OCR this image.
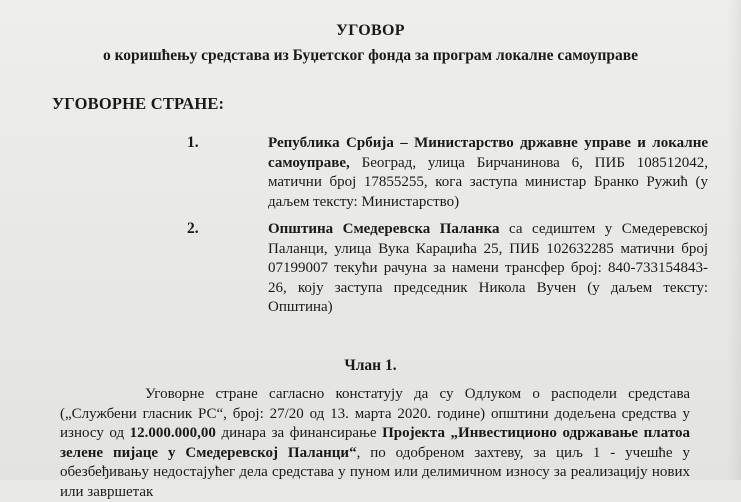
УГОВОР
о коришћењу средстава из Буџетског фонда за програм локалне самоуправе
УГОВОРНЕ СТРАНЕ:
1.	Република Србија – Министарство државне управе и локалне самоуправе, Београд, улица Бирчанинова 6, ПИБ 108512042, матични број 17855255, кога заступа министар Бранко Ружић (у даљем тексту: Министарство)
2.	Општина Смедеревска Паланка са седиштем у Смедеревској Паланци, улица Вука Караџића 25, ПИБ 102632285 матични број 07199007 текући рачуна за намени трансфер број: 840-733154843-26, коју заступа председник Никола Вучен (у даљем тексту: Општина)
Члан 1.
Уговорне стране сагласно констатују да су Одлуком о расподели средстава („Службени гласник РС“, број: 27/20 од 13. марта 2020. године) општини додељена средства у износу од 12.000.000,00 динара за финансирање Пројекта „Инвестиционо одржавање платоа зелене пијаце у Смедеревској Паланци“, по одобреном захтеву, за циљ 1 - учешће у обезбеђивању недостајућег дела средстава у пуном или делимичном износу за реализацију нових или завршетак
